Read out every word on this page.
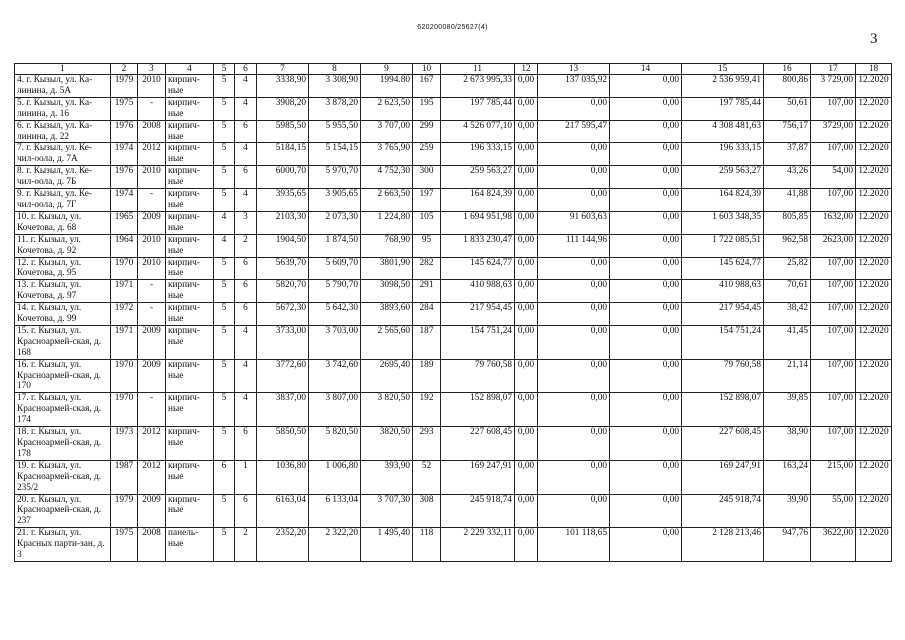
620200080/25627(4)
3
1	2	3	4	5	6	7	8	9	10	11	12	13	14	15	16	17	18
4. г. Кызыл, ул. Ка-линина, д. 5А	1979	2010	кирпич-ные	5	4	3338,90	3 308,90	1994.80	167	2 673 995,33	0,00	137 035,92	0,00	2 536 959,41	800,86	3 729,00	12.2020
5. г. Кызыл, ул. Ка-линина, д. 16	1975	-	кирпич-ные	5	4	3908,20	3 878,20	2 623,50	195	197 785,44	0,00	0,00	0,00	197 785,44	50,61	107,00	12.2020
6. г. Кызыл, ул. Ка-линина, д. 22	1976	2008	кирпич-ные	5	6	5985,50	5 955,50	3 707,00	299	4 526 077,10	0,00	217 595,47	0,00	4 308 481,63	756,17	3729,00	12.2020
7. г. Кызыл, ул. Ке-чил-оола, д. 7А	1974	2012	кирпич-ные	5	4	5184,15	5 154,15	3 765,90	259	196 333,15	0,00	0,00	0,00	196 333,15	37,87	107,00	12.2020
8. г. Кызыл, ул. Ке-чил-оола, д. 7Б	1976	2010	кирпич-ные	5	6	6000,70	5 970,70	4 752,30	300	259 563,27	0,00	0,00	0,00	259 563,27	43,26	54,00	12.2020
9. г. Кызыл, ул. Ке-чил-оола, д. 7Г	1974	-	кирпич-ные	5	4	3935,65	3 905,65	2 663,50	197	164 824,39	0,00	0,00	0,00	164 824,39	41,88	107,00	12.2020
10. г. Кызыл, ул. Кочетова, д. 68	1965	2009	кирпич-ные	4	3	2103,30	2 073,30	1 224,80	105	1 694 951,98	0,00	91 603,63	0,00	1 603 348,35	805,85	1632,00	12.2020
11. г. Кызыл, ул. Кочетова, д. 92	1964	2010	кирпич-ные	4	2	1904,50	1 874,50	768,90	95	1 833 230,47	0,00	111 144,96	0,00	1 722 085,51	962,58	2623,00	12.2020
12. г. Кызыл, ул. Кочетова, д. 95	1970	2010	кирпич-ные	5	6	5639,70	5 609,70	3801,90	282	145 624,77	0,00	0,00	0,00	145 624,77	25,82	107,00	12.2020
13. г. Кызыл, ул. Кочетова, д. 97	1971	-	кирпич-ные	5	6	5820,70	5 790,70	3098,50	291	410 988,63	0,00	0,00	0,00	410 988,63	70,61	107,00	12.2020
14. г. Кызыл, ул. Кочетова, д. 99	1972	-	кирпич-ные	5	6	5672,30	5 642,30	3893,60	284	217 954,45	0,00	0,00	0,00	217 954,45	38,42	107,00	12.2020
15. г. Кызыл, ул. Красноармей-ская, д. 168	1971	2009	кирпич-ные	5	4	3733,00	3 703,00	2 565,60	187	154 751,24	0,00	0,00	0,00	154 751,24	41,45	107,00	12.2020
16. г. Кызыл, ул. Красноармей-ская, д. 170	1970	2009	кирпич-ные	5	4	3772,60	3 742,60	2695,40	189	79 760,58	0,00	0,00	0,00	79 760,58	21,14	107,00	12.2020
17. г. Кызыл, ул. Красноармей-ская, д. 174	1970	-	кирпич-ные	5	4	3837,00	3 807,00	3 820,50	192	152 898,07	0,00	0,00	0,00	152 898,07	39,85	107,00	12.2020
18. г. Кызыл, ул. Красноармей-ская, д. 178	1973	2012	кирпич-ные	5	6	5850,50	5 820,50	3820,50	293	227 608,45	0,00	0,00	0,00	227 608,45	38,90	107,00	12.2020
19. г. Кызыл, ул. Красноармей-ская, д. 235/2	1987	2012	кирпич-ные	6	1	1036,80	1 006,80	393,90	52	169 247,91	0,00	0,00	0,00	169 247,91	163,24	215,00	12.2020
20. г. Кызыл, ул. Красноармей-ская, д. 237	1979	2009	кирпич-ные	5	6	6163,04	6 133,04	3 707,30	308	245 918,74	0,00	0,00	0,00	245 918,74	39,90	55,00	12.2020
21. г. Кызыл, ул. Красных парти-зан, д. 3	1975	2008	панель-ные	5	2	2352,20	2 322,20	1 495,40	118	2 229 332,11	0,00	101 118,65	0,00	2 128 213,46	947,76	3622,00	12.2020
